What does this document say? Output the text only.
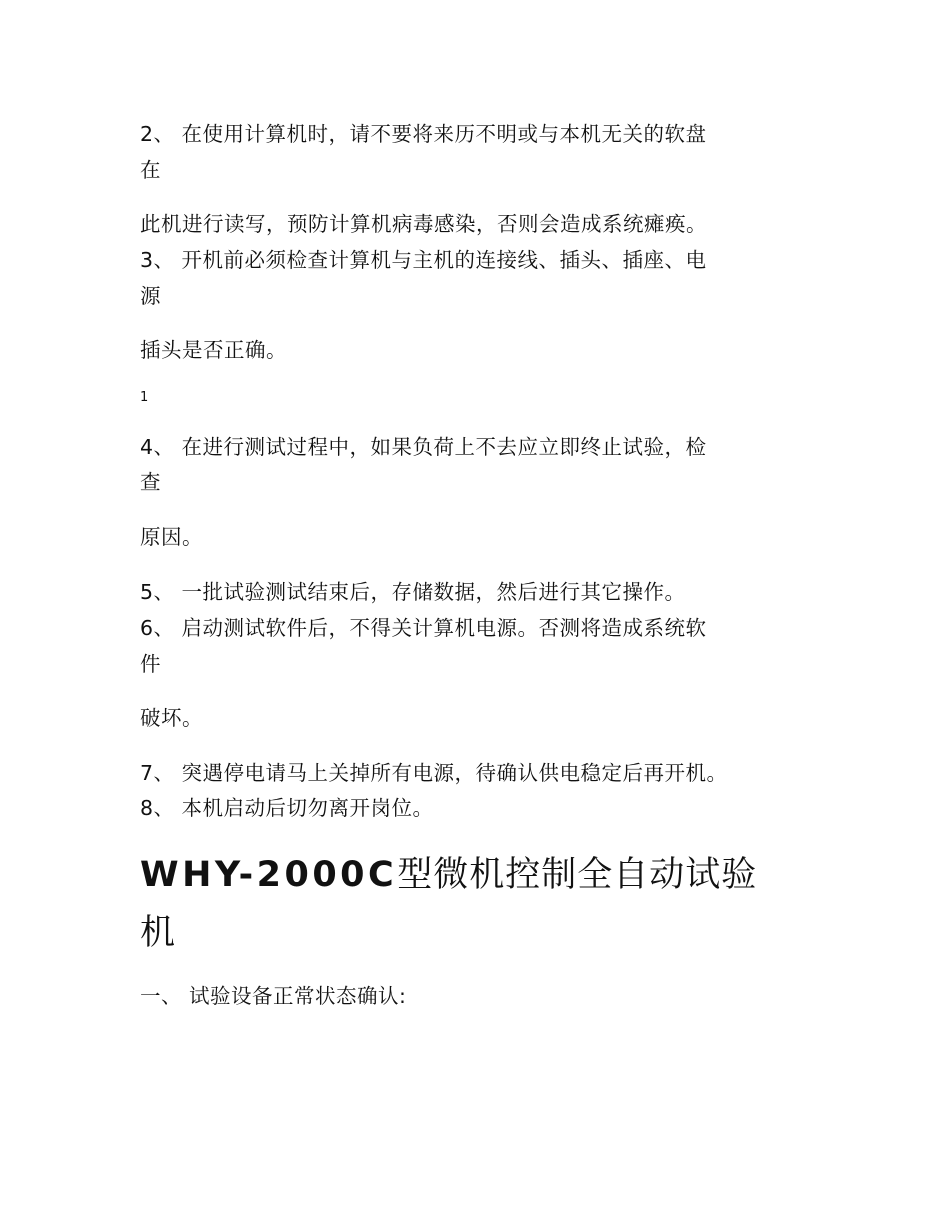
2、 在使用计算机时，请不要将来历不明或与本机无关的软盘
在
此机进行读写，预防计算机病毒感染，否则会造成系统瘫痪。
3、 开机前必须检查计算机与主机的连接线、插头、插座、电
源
插头是否正确。
1
4、 在进行测试过程中，如果负荷上不去应立即终止试验，检
查
原因。
5、 一批试验测试结束后，存储数据，然后进行其它操作。
6、 启动测试软件后，不得关计算机电源。否测将造成系统软
件
破坏。
7、 突遇停电请马上关掉所有电源，待确认供电稳定后再开机。
8、 本机启动后切勿离开岗位。
WHY-2000C型微机控制全自动试验
机
一、 试验设备正常状态确认:
